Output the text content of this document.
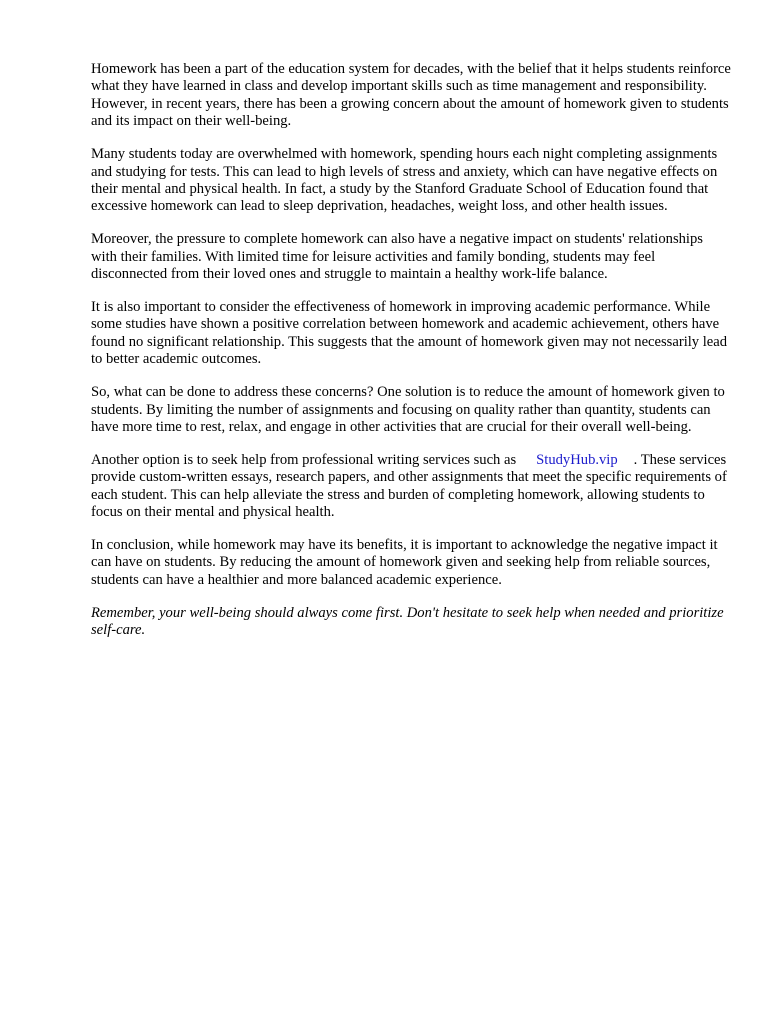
Homework has been a part of the education system for decades, with the belief that it helps students reinforce what they have learned in class and develop important skills such as time management and responsibility. However, in recent years, there has been a growing concern about the amount of homework given to students and its impact on their well-being.

Many students today are overwhelmed with homework, spending hours each night completing assignments and studying for tests. This can lead to high levels of stress and anxiety, which can have negative effects on their mental and physical health. In fact, a study by the Stanford Graduate School of Education found that excessive homework can lead to sleep deprivation, headaches, weight loss, and other health issues.

Moreover, the pressure to complete homework can also have a negative impact on students' relationships with their families. With limited time for leisure activities and family bonding, students may feel disconnected from their loved ones and struggle to maintain a healthy work-life balance.

It is also important to consider the effectiveness of homework in improving academic performance. While some studies have shown a positive correlation between homework and academic achievement, others have found no significant relationship. This suggests that the amount of homework given may not necessarily lead to better academic outcomes.

So, what can be done to address these concerns? One solution is to reduce the amount of homework given to students. By limiting the number of assignments and focusing on quality rather than quantity, students can have more time to rest, relax, and engage in other activities that are crucial for their overall well-being.

Another option is to seek help from professional writing services such as StudyHub.vip . These services provide custom-written essays, research papers, and other assignments that meet the specific requirements of each student. This can help alleviate the stress and burden of completing homework, allowing students to focus on their mental and physical health.

In conclusion, while homework may have its benefits, it is important to acknowledge the negative impact it can have on students. By reducing the amount of homework given and seeking help from reliable sources, students can have a healthier and more balanced academic experience.

Remember, your well-being should always come first. Don't hesitate to seek help when needed and prioritize self-care.
